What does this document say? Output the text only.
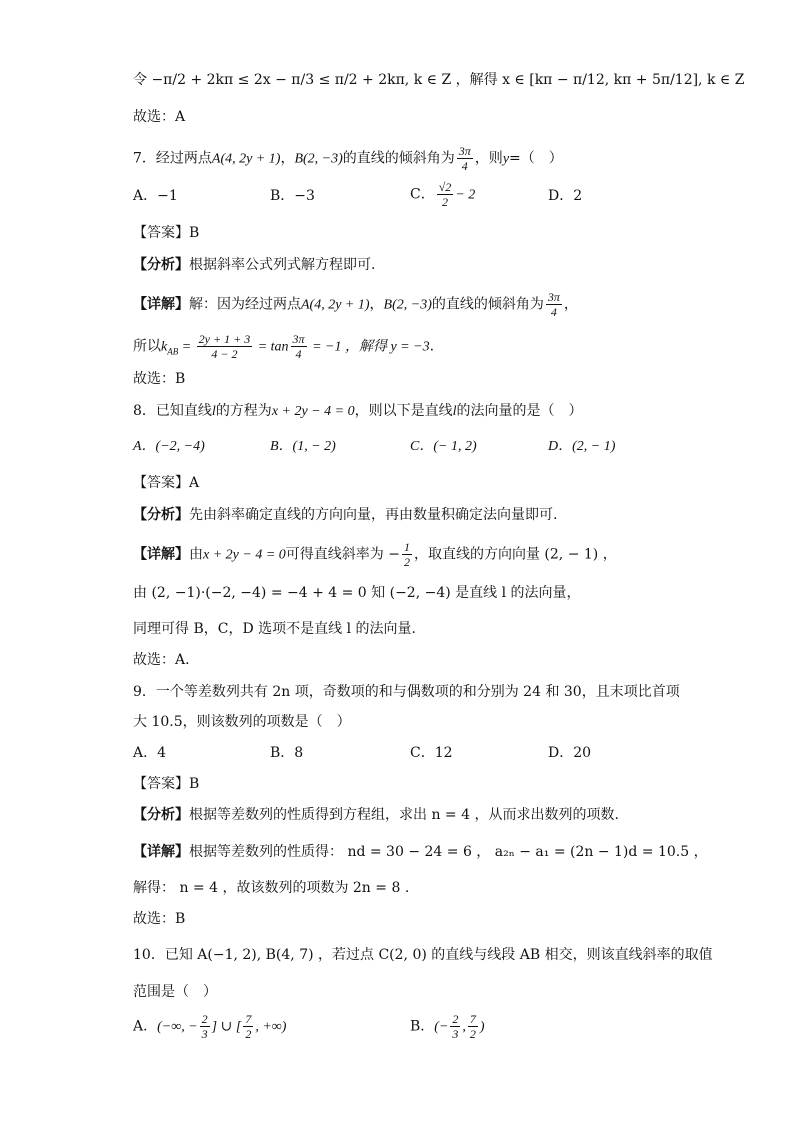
令 −π/2 + 2kπ ≤ 2x − π/3 ≤ π/2 + 2kπ, k ∈ Z ，解得 x ∈ [kπ − π/12, kπ + 5π/12], k ∈ Z
故选：A
7．经过两点A(4, 2y + 1)，B(2, −3)的直线的倾斜角为 $\frac{3\pi}{4}$ ，则y=（　）
A．−1	B．−3	C． $\frac{√2}{2} - 2$	D．2
【答案】B
【分析】根据斜率公式列式解方程即可.
【详解】解：因为经过两点A(4, 2y + 1)，B(2, −3)的直线的倾斜角为 $\frac{3\pi}{4}$ ，
所以$k_{AB} = \frac{2y + 1 + 3}{4 - 2} = \tan \frac{3\pi}{4} = -1$ ，解得 y = −3.
故选：B
8．已知直线l的方程为x + 2y − 4 = 0，则以下是直线l的法向量的是（　）
A．(−2, −4)	B．(1, − 2)	C．(− 1, 2)	D．(2, − 1)
【答案】A
【分析】先由斜率确定直线的方向向量，再由数量积确定法向量即可.
【详解】由x + 2y − 4 = 0可得直线斜率为 − $\frac{1}{2}$ ，取直线的方向向量 (2, − 1) ，
由 (2, −1)·(−2, −4) = −4 + 4 = 0 知 (−2, −4) 是直线 l 的法向量，
同理可得 B，C，D 选项不是直线 l 的法向量.
故选：A.
9．一个等差数列共有 2n 项，奇数项的和与偶数项的和分别为 24 和 30，且末项比首项
大 10.5，则该数列的项数是（　）
A．4	B．8	C．12	D．20
【答案】B
【分析】根据等差数列的性质得到方程组，求出 n = 4 ，从而求出数列的项数.
【详解】根据等差数列的性质得： nd = 30 − 24 = 6 ， a₂ₙ − a₁ = (2n − 1)d = 10.5 ，
解得： n = 4 ，故该数列的项数为 2n = 8 .
故选：B
10．已知 A(−1, 2), B(4, 7) ，若过点 C(2, 0) 的直线与线段 AB 相交，则该直线斜率的取值
范围是（　）
A．(−∞, − $\frac{2}{3}$ ] ∪ [ $\frac{7}{2}$ , +∞)	B．(− $\frac{2}{3}$ , $\frac{7}{2}$ )
